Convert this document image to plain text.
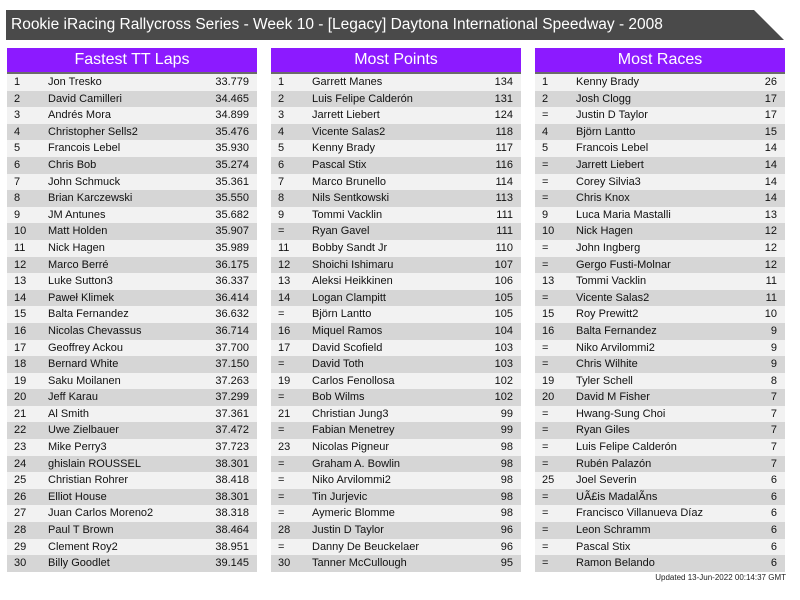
Rookie iRacing Rallycross Series - Week 10 - [Legacy] Daytona International Speedway - 2008
Fastest TT Laps
1	Jon Tresko	33.779
2	David Camilleri	34.465
3	Andrés Mora	34.899
4	Christopher Sells2	35.476
5	Francois Lebel	35.930
6	Chris Bob	35.274
7	John Schmuck	35.361
8	Brian Karczewski	35.550
9	JM Antunes	35.682
10 Matt Holden	35.907
11 Nick Hagen	35.989
12 Marco Berré	36.175
13 Luke Sutton3	36.337
14 Paweł Klimek	36.414
15 Balta Fernandez	36.632
16 Nicolas Chevassus	36.714
17 Geoffrey Ackou	37.700
18 Bernard White	37.150
19 Saku Moilanen	37.263
20 Jeff Karau	37.299
21 Al Smith	37.361
22 Uwe Zielbauer	37.472
23 Mike Perry3	37.723
24 ghislain ROUSSEL	38.301
25 Christian Rohrer	38.418
26 Elliot House	38.301
27 Juan Carlos Moreno2	38.318
28 Paul T Brown	38.464
29 Clement Roy2	38.951
30 Billy Goodlet	39.145
Most Points
1	Garrett Manes	134
2	Luis Felipe Calderón	131
3	Jarrett Liebert	124
4	Vicente Salas2	118
5	Kenny Brady	117
6	Pascal Stix	116
7	Marco Brunello	114
8	Nils Sentkowski	113
9	Tommi Vacklin	111
=	Ryan Gavel	111
11 Bobby Sandt Jr	110
12 Shoichi Ishimaru	107
13 Aleksi Heikkinen	106
14 Logan Clampitt	105
=	Björn Lantto	105
16 Miquel Ramos	104
17 David Scofield	103
=	David Toth	103
19 Carlos Fenollosa	102
=	Bob Wilms	102
21 Christian Jung3	99
=	Fabian Menetrey	99
23 Nicolas Pigneur	98
=	Graham A. Bowlin	98
=	Niko Arvilommi2	98
=	Tin Jurjevic	98
=	Aymeric Blomme	98
28 Justin D Taylor	96
=	Danny De Beuckelaer	96
30 Tanner McCullough	95
Most Races
1	Kenny Brady	26
2	Josh Clogg	17
=	Justin D Taylor	17
4	Björn Lantto	15
5	Francois Lebel	14
=	Jarrett Liebert	14
=	Corey Silvia3	14
=	Chris Knox	14
9	Luca Maria Mastalli	13
10 Nick Hagen	12
=	John Ingberg	12
=	Gergo Fusti-Molnar	12
13 Tommi Vacklin	11
=	Vicente Salas2	11
15 Roy Prewitt2	10
16 Balta Fernandez	9
=	Niko Arvilommi2	9
=	Chris Wilhite	9
19 Tyler Schell	8
20 David M Fisher	7
=	Hwang-Sung Choi	7
=	Ryan Giles	7
=	Luis Felipe Calderón	7
=	Rubén Palazón	7
25 Joel Severin	6
=	UÃ£is MadalÃns	6
=	Francisco Villanueva Díaz	6
=	Leon Schramm	6
=	Pascal Stix	6
=	Ramon Belando	6
Updated 13-Jun-2022 00:14:37 GMT
